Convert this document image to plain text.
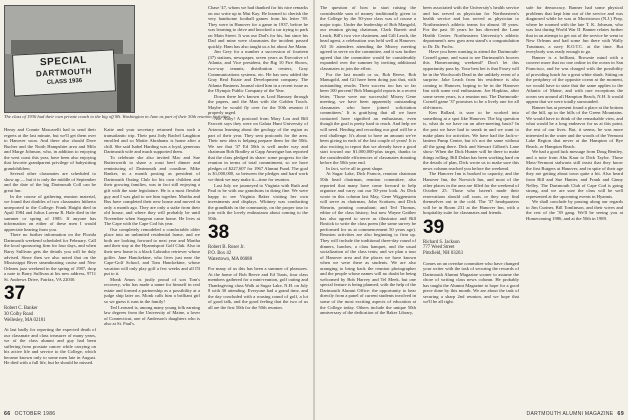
SPECIAL
DARTMOUTH
CLASS 1936
The class of 1936 had their own private coach to the big off Mt. Washington in June as part of their 50th reunion festivities.

Henry and Connie Mascarelli had to send their regrets at the last minute, but we'll get them over to Hanover soon. And there also should Dave Bucher and the North Hampshire area and Milo and Marge Johnson, who, in addition to enjoying the west coast this year, have been also enjoying that favorite grandparent privilege of babysitting grandchildren.

Several other classmates are scheduled to show up — but it is only the middle of September and the date of the big Dartmouth Coll can be great fun.

In the course of gathering reunion material, we found that doubles of two classmates hitherto unreported to the College: Frank Haight died in April 1984 and Julius Lorenz R. Hale died in the summer or spring of 1985. If anyone has information on either of these men I would appreciate hearing from you.

There no further information on the Florida Dartmouth weekend scheduled for February. Call the local sponsoring firm for four days, and when Barry Sullivan gets the details you will be duly advised. Since then we also noted that on the Mississippi River steamboating cruise and New Orleans jazz weekend in the spring of 1987, drop a note to Barry Sullivan at his new address, 9711 St. Andrews Drive, Fairfax, VA 22030.

37
Robert C. Banker
30 Colby Road
Wellesley, MA 02181

At last badly for reporting the expected death of our classmate and class treasurer of many years, we of the class alumni and guy had been suffering from prostate cancer while carrying on his active life and service to the College, which became known only to some men late in August. He died with a full life, but he should be missed.

Katie and your secretary returned from such a transatlantic trip. Their past Jody Rachel Laughton enrolled and so Mattie Abrahams is home after a chill. She said Isabel Harding was a loyal, generous Dartmouth wife and much supported them.

To celebrate she also invited Mac and Sue Butterworth to share a roast beef dinner and reminiscing of Dartmouth and coastline. Mike Banker, in a month posting as president of Dartmouth Outing Club for his own children and their growing families, was in fact still enjoying a gift with the state legislature. He is a most flexible guy and I was glad to see him together. Martha and Bus have completed their new house and moved in only a month ago. They are only a stake from their old house, and where they will probably be until November when Surgeon came home. He lives at The Cape with the Cape Cod his year.

Our completely remodeled a comfortable older place into an unlimited residential home, and we both are looking forward to next year and Martha and their stay at the Hyannisport Golf Club. Also in their new home is a black Labrador retriever whose golfer. Jane Hanckekine, who lives just near the Cape-Golf School, and Tom Hanckekine, whose vacation will only play golf a few weeks and all I'll put to it.

Monk Amos is justly proud of son Tom's recovery, who has made a name for himself in real estate and formed a partnership as a possibility at a judge ship later on. Monk calls him a brilliant girl so we guess it runs in the family!

Ted Leonard is, among many young folk earning law degrees from the University of Maine, a lover of Connecticut, one of Anderson's daughters who is also at St. Paul's.

Chase '47, whom we had thanked for his nice remarks on our write up in Mut Kay. He learned to cherish the very handsome football games from his letter '39. They were in Hanover for a game in 1937, before he was learning to drive and knocked a car trying to park on Main Street. It was our Dad's for his, but since his Dad and mine were classmates the incident passed quickly. Ham has also taught us a lot about Joe Mann.

Jim Grey for a number a succession of fourteen (37) stations, newspaper, seven years as Executive of Atlanta, and Vice president, the Big 10 Fire Shows, two-way tenants, distribution centers, Gray Communications systems, etc. He has now added the Gray Real Estate and Development company. The Atlanta Business Journal cited him in a recent issue as the Olympic Public Company of the Year.

Down there he's known as Lord Ramsey through the papers, and the Man with the Golden Touch. Maybe he would fly over for the 50th reunion if properly urged.

Ave Ahoy! A postcard from Mary Lou and Bill Fawcett says they were on Galata Hunt University of Arizona learning about the geology of the region as part of their year. They sent postcards for the area. Their new idea is helping prepare them for the 50th. We see that '37 Ed 50th is well under way and chairman Bob Bradley at Capp Amerigue has reported that the class pledged its share: some progress for the reunion in terms of total commitment, so we have pledges of $227,607 for 1967 Alumni Fund. The goal is $1,000,000, so between the pledges and hard work we think we may make it—time for reunion.

Last July we journeyed to Virginia with Ruth and Paul to be with our grandsons in doing fine. We were happy to see Virginia Baker visiting her own investments and displays. Whitney was conducting the grandkids in the community, on the proper tour to join with the lovely enthusiasm about coming to the 50th.

38
Robert B. Roser Jr.
P.O. Box 42
Watertown, MA 06088

For many of us this has been a summer of pleasures. At the home of Bob Reeve and Ed Tunis, four class members gathered for a mini-reunion, golf outing and Thanksgiving class Walk at Sugar Lake, N.H. on July 8 with 30 attending. Everyone had a grand time, and the day concluded with a rousing round of golf, a lot of good talk, and the good feeling that the two of us all are the first 50th for the 50th reunion.

The question of how to start raising the considerable sum of money traditionally given to the College by the 50-year class was of course a major topic. Under the leadership of Bob Mangold, our reunion giving chairman, Clark Barrett and Leach, Bill's two vice chairmen, and Gill Leach, the head agent, a celebration was held well at Hanover. All 16 attendees attending the Misery meeting agreed to serve on the committee, and it was further agreed that the committee would be considerably expanded over the summer by inviting additional classmates to join the effort.

For the last month or so, Bob Reeve, Bob Manugold, and Gil have been doing just that, with outstanding results. Their success too has so far been 100 percent! Bob Manugold reports in a recent letter, 'Those were our successful Misery Gene meeting, we have been apparently outstanding classmates who have joined solicitation committees.' It is gratifying that all we have contacted have signified an enthusiasm, even though the goal is pretty hard to reach. And help we will need. Herding and recording our goal will be a real challenge. It's about to have an amount we've been giving in each of the last couple of years! It is also exciting to report that we already have a good start toward our $1,000,000-plus target, thanks to the considerable efficiencies of classmates donating before the 50th year end.

In fact, we're all in great shape.

At Sugar Lake, Dick Francis, reunion chairman 50th head chairman, reunion committee, also reported that many have come forward to help organize and carry out our 50-year look. As Dick wrote in this column last May, Gene Wiggenstein will serve as chairman, John Scottsen, and Dick Shearin, printing consultant; and Ted Thomas, editor of the class history; but now Wayne Gaither has also agreed to serve as illustrator and Bill Bostick to write the class poem (the same survey he performed for us at commencement 50 years ago). Reunion activities are also beginning to firm up. They will include the traditional three-day round of dinners, lunches, a class banquet, and the usual socialization of the class tents; and we plan a tour of Hanover area and the places we have known when we were there as students. We are also arranging to bring back the reunion photographer and the people whose names will no doubt be being welcomed by Bob Harvey and Tel Meek, but one special feature is being planned, with the help of the Dartmouth Alumni Office: the opportunity to hear directly from a panel of current students involved in some of the most exciting aspects of education at the College today. Others include the unique 50th anniversary of the dedication of the Baker Library,

been associated with the University's health service and has served as physician for Northeastern's health service and has served as physician to Northeastern's athletic teams for almost 30 years. For the past 10 years he has directed the Lane Health Center. Northeastern University's athletic department's new gym area stand's a congratulation to Dr. Dr. Fuchs.

Have you been wanting to attend the Dartmouth-Cornell game, and want to see Dartmouth's hooves this Homecoming weekend? Don't let this opportunity pass by. Your best bet is that Foxey will be in the Woolworth Dead in the unlikely event of a surprise. Jake Leach from his residence is also coming to Hanover, hoping to be in the Hanover Inn with some real enthusiasm. Joe Hopkins, after some seven years, is a reunion nut. The Dartmouth-Cornell game '37 promises to be a lively one for all old-timers.

Ken Ballard, is sure to be worked into something at a spot like Hanover. The big question is, what do we have on an after-meeting basis? In the past we have had to sneak in and we want to make plans for activities. We have had the Jack-o-lantern Pump Center, but it's not the same without all the gang there. Dick and Stewart Gilbert's Lane show: When the Dick Hunter will be there to make things rolling. Bill Dolan has been working hard on the details of plan, Dick wrote us to make sure this news column reached you before the weekend.

The Hanover Inn is booked to capacity, and the Hanover Inn, the Norwich Inn, and most of the other places in the area are filled for the weekend of October 25. Those who haven't made their reservations should call soon, or they may find themselves out in the cold. The '37 headquarters will be in Room 231 at the Hanover Inn, with a hospitality suite for classmates and friends.

39
Richard S. Jackson
777 Weed Street
Pittsfield, NH 03263

Comes on an overdue committee who have changed your writer with the task of securing the rewards of Dartmouth Alumni Magazine sooner to assume the chore of writing class news column. He probably has taught the Alumni Magazine to hope for a good piece done by this month. We are about the task of securing a sharp 2nd reunion, and we hope that we'll be all right.

safe for democracy. Banner had some physical problems that kept him out of the service and was diagnosed while he was at Morristown (N.J.) Prep, where he roomed with the late T. K. Johnson, who was lost during World War II. Banner relates further that in an attempt to get out of the service he went to New Orleans and had some fun there with Wally Trautman, a navy R.O.T.C. at the time. But everybody was ready enough to go.

Banner is a brilliant, Brownie mind with a convert more that no one online in the ocean in San Francisco, and he was charged with the possibility of providing lunch for a great white shark. Sitting on the periphery of the opposite ocean at the moment, we would have to state that the same applies to the Atlantic of Maine, and with rare exceptions the ocean sea around all Hampton Beach, N.H. It would appear that we were totally surrounded.

Banner has at present found a place at the bottom of the hill, up in the hills of the Green Mountains. We would have to think of the remarkable view, and what would be a long endeavor for us at this point, the rest of our lives. But, it seems, he was more interested in the water and the woods of the Vermont Lake Region that never at the Hampton of Rye Beach, or Hampton Beach.

We had a good luck message from Doug Bentley, and a note from Abu Kaur to Dick Taylor. Those Mass-Vermont stalwarts still insist that they know the first Rutgers at Hanover, and in spite of their age they are getting about town quite a bit. Also heard from Bill and Sue Hunter, and Frank and Ginny Nelley. The Dartmouth Club of Cape Cod is going strong, and we are sure the class will be well represented at the upcoming events in Hyannis.

We shall conclude by passing along our regards to Jim Curtner, Bill Tomlinson, and their wives and the rest of the '39 gang. We'll be seeing you at Homecoming 1986, and at the 50th in 1989.

66 OCTOBER 1986	DARTMOUTH ALUMNI MAGAZINE 69
